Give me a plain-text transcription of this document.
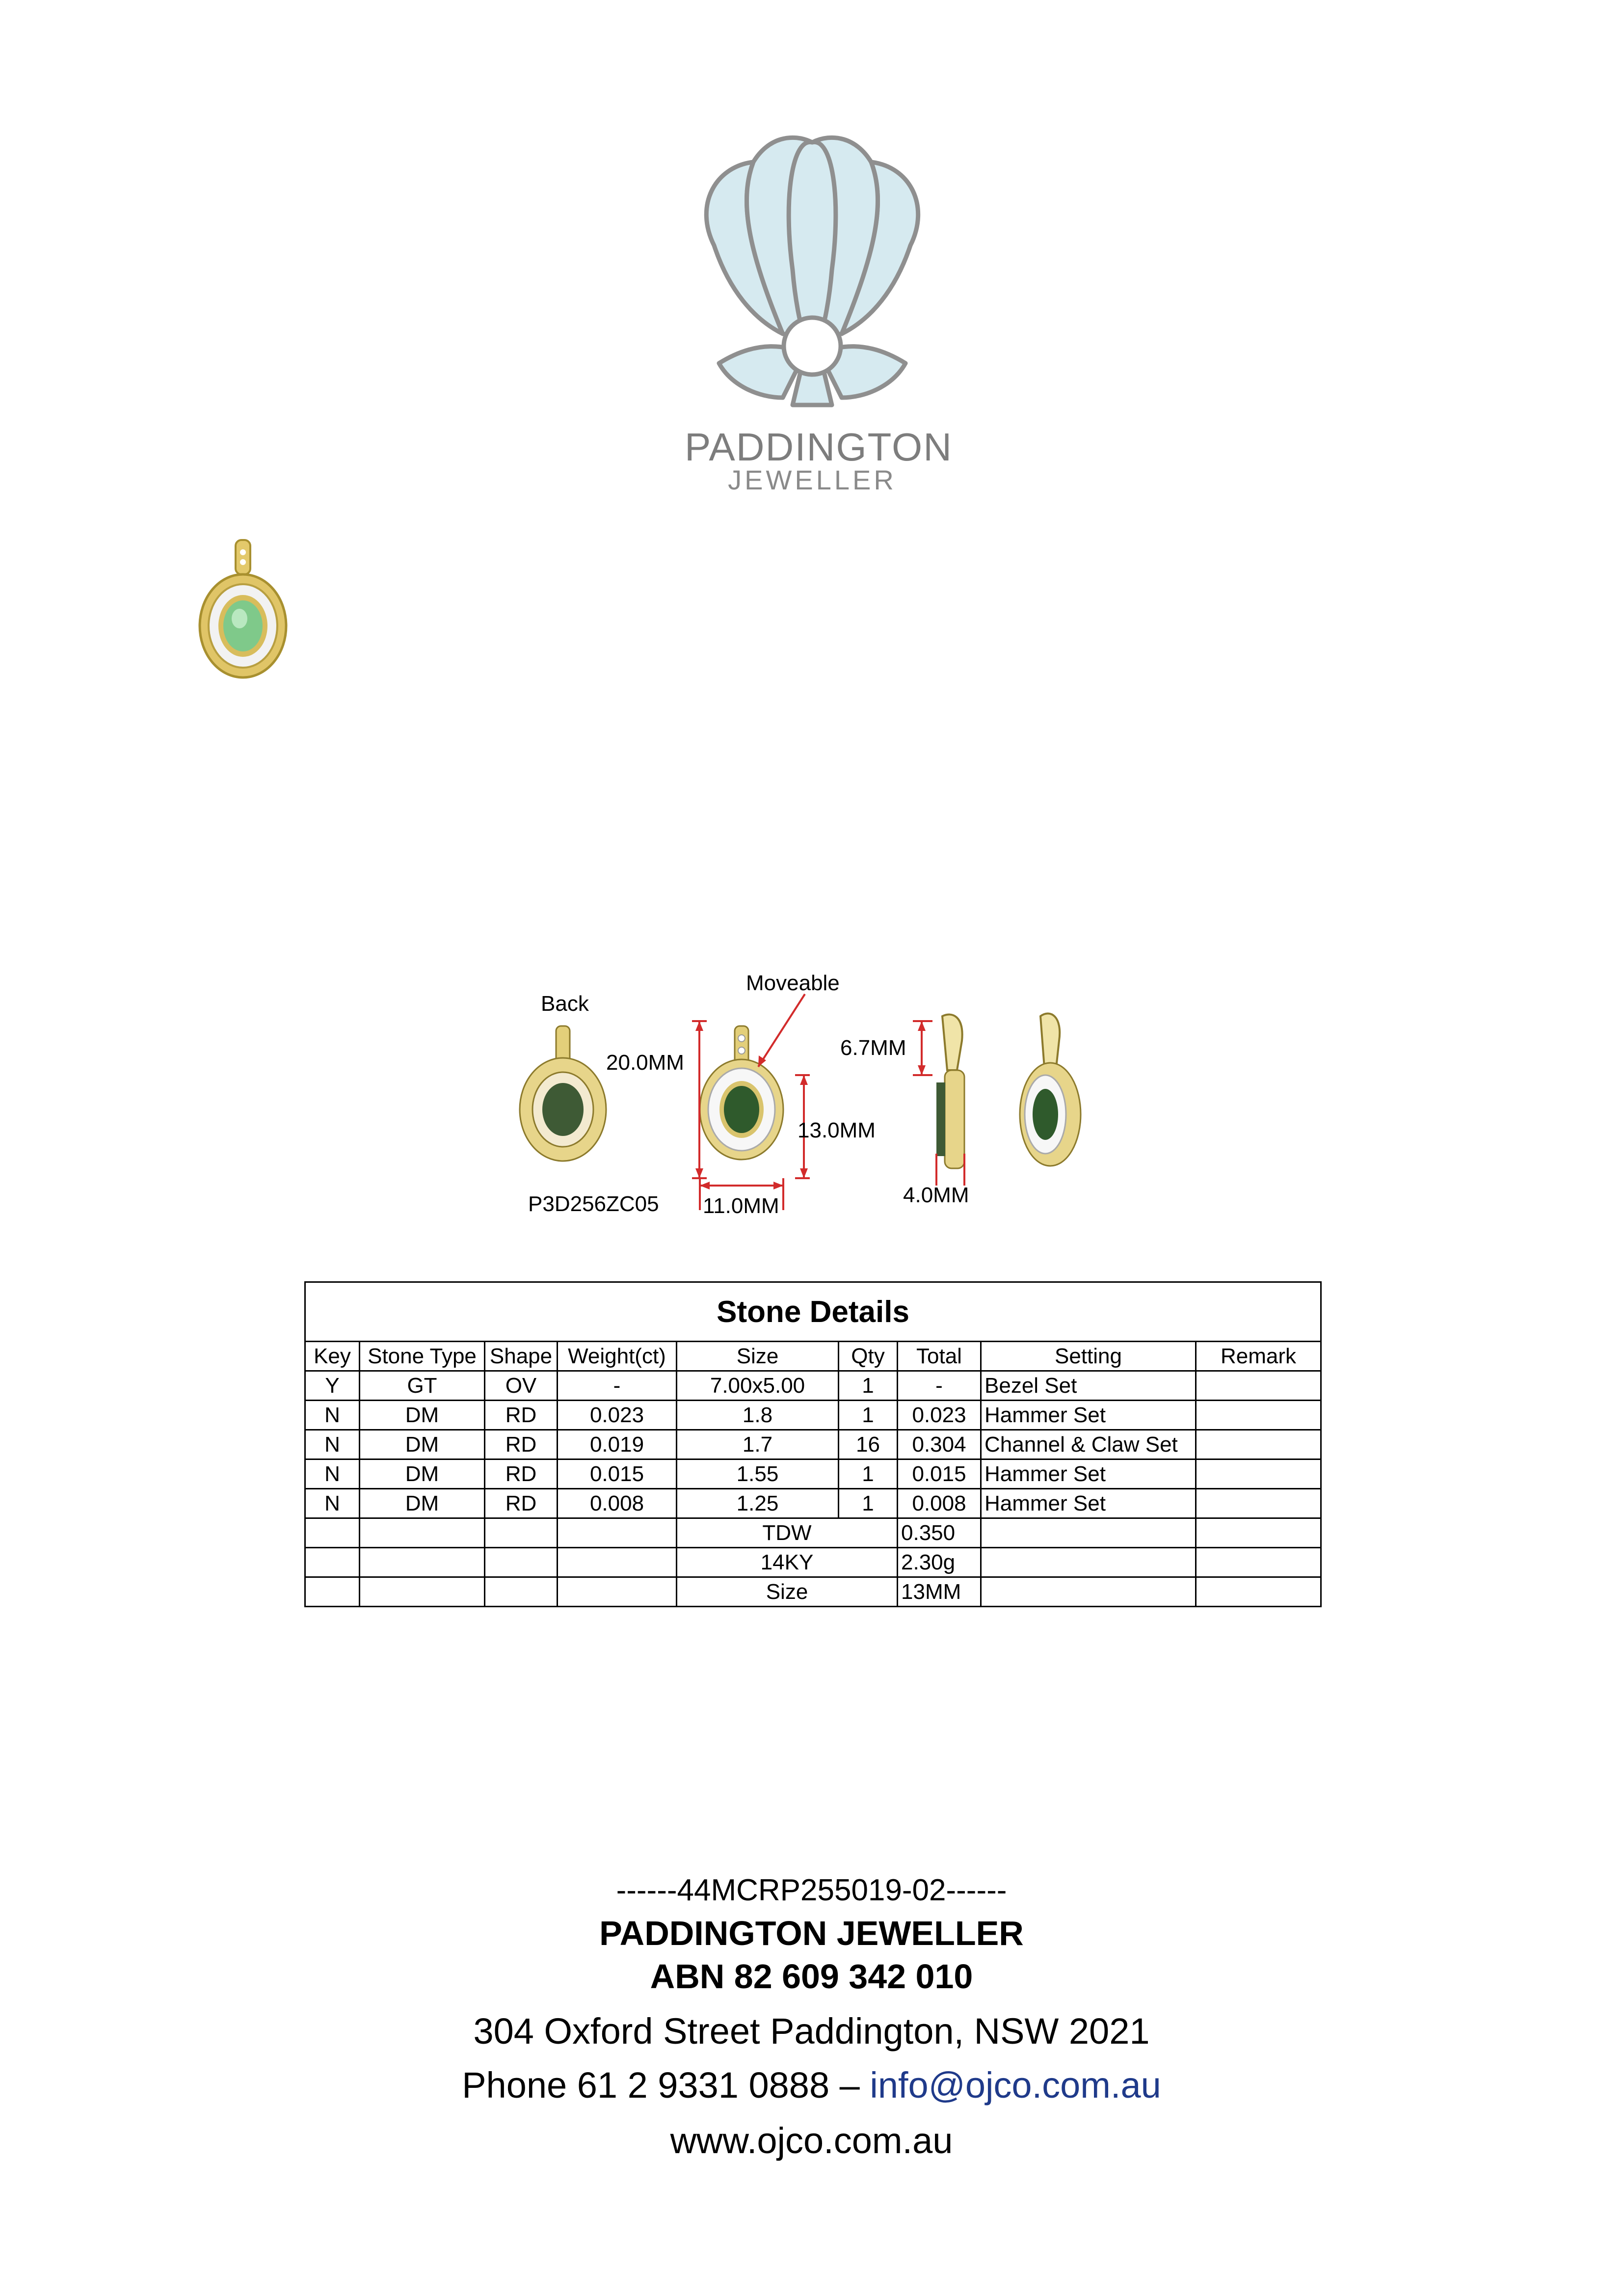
PADDINGTON
JEWELLER
Back
Moveable
20.0MM
6.7MM
13.0MM
11.0MM	4.0MM
P3D256ZC05
Stone Details								
Key	Stone Type	Shape	Weight(ct)	Size	Qty	Total	Setting	Remark
Y	GT	OV	-	7.00x5.00	1	-	Bezel Set	
N	DM	RD	0.023	1.8	1	0.023	Hammer Set	
N	DM	RD	0.019	1.7	16	0.304	Channel & Claw Set	
N	DM	RD	0.015	1.55	1	0.015	Hammer Set	
N	DM	RD	0.008	1.25	1	0.008	Hammer Set	
				TDW		0.350		
				14KY		2.30g		
				Size		13MM		
------44MCRP255019-02------
PADDINGTON JEWELLER
ABN 82 609 342 010
304 Oxford Street Paddington, NSW 2021
Phone 61 2 9331 0888 – info@ojco.com.au
www.ojco.com.au
